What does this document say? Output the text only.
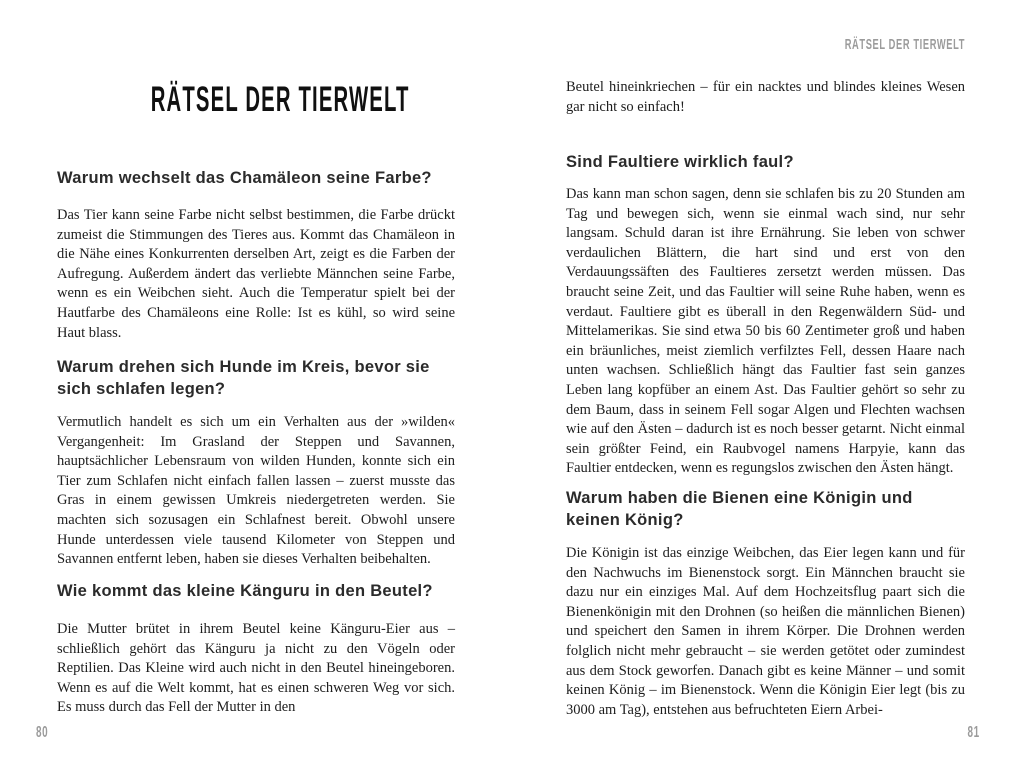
RÄTSEL DER TIERWELT
Warum wechselt das Chamäleon seine Farbe?

Das Tier kann seine Farbe nicht selbst bestimmen, die Farbe drückt zumeist die Stimmungen des Tieres aus. Kommt das Chamäleon in die Nähe eines Konkurrenten derselben Art, zeigt es die Farben der Aufregung. Außerdem ändert das verliebte Männchen seine Farbe, wenn es ein Weibchen sieht. Auch die Temperatur spielt bei der Hautfarbe des Chamäleons eine Rolle: Ist es kühl, so wird seine Haut blass.

Warum drehen sich Hunde im Kreis, bevor sie sich schlafen legen?

Vermutlich handelt es sich um ein Verhalten aus der »wilden« Vergangenheit: Im Grasland der Steppen und Savannen, hauptsächlicher Lebensraum von wilden Hunden, konnte sich ein Tier zum Schlafen nicht einfach fallen lassen – zuerst musste das Gras in einem gewissen Umkreis niedergetreten werden. Sie machten sich sozusagen ein Schlafnest bereit. Obwohl unsere Hunde unterdessen viele tausend Kilometer von Steppen und Savannen entfernt leben, haben sie dieses Verhalten beibehalten.

Wie kommt das kleine Känguru in den Beutel?

Die Mutter brütet in ihrem Beutel keine Känguru-Eier aus – schließlich gehört das Känguru ja nicht zu den Vögeln oder Reptilien. Das Kleine wird auch nicht in den Beutel hineingeboren. Wenn es auf die Welt kommt, hat es einen schweren Weg vor sich. Es muss durch das Fell der Mutter in den

80
RÄTSEL DER TIERWELT

Beutel hineinkriechen – für ein nacktes und blindes kleines Wesen gar nicht so einfach!

Sind Faultiere wirklich faul?

Das kann man schon sagen, denn sie schlafen bis zu 20 Stunden am Tag und bewegen sich, wenn sie einmal wach sind, nur sehr langsam. Schuld daran ist ihre Ernährung. Sie leben von schwer verdaulichen Blättern, die hart sind und erst von den Verdauungssäften des Faultieres zersetzt werden müssen. Das braucht seine Zeit, und das Faultier will seine Ruhe haben, wenn es verdaut. Faultiere gibt es überall in den Regenwäldern Süd- und Mittelamerikas. Sie sind etwa 50 bis 60 Zentimeter groß und haben ein bräunliches, meist ziemlich verfilztes Fell, dessen Haare nach unten wachsen. Schließlich hängt das Faultier fast sein ganzes Leben lang kopfüber an einem Ast. Das Faultier gehört so sehr zu dem Baum, dass in seinem Fell sogar Algen und Flechten wachsen wie auf den Ästen – dadurch ist es noch besser getarnt. Nicht einmal sein größter Feind, ein Raubvogel namens Harpyie, kann das Faultier entdecken, wenn es regungslos zwischen den Ästen hängt.

Warum haben die Bienen eine Königin und keinen König?

Die Königin ist das einzige Weibchen, das Eier legen kann und für den Nachwuchs im Bienenstock sorgt. Ein Männchen braucht sie dazu nur ein einziges Mal. Auf dem Hochzeitsflug paart sich die Bienenkönigin mit den Drohnen (so heißen die männlichen Bienen) und speichert den Samen in ihrem Körper. Die Drohnen werden folglich nicht mehr gebraucht – sie werden getötet oder zumindest aus dem Stock geworfen. Danach gibt es keine Männer – und somit keinen König – im Bienenstock. Wenn die Königin Eier legt (bis zu 3000 am Tag), entstehen aus befruchteten Eiern Arbei-

81
